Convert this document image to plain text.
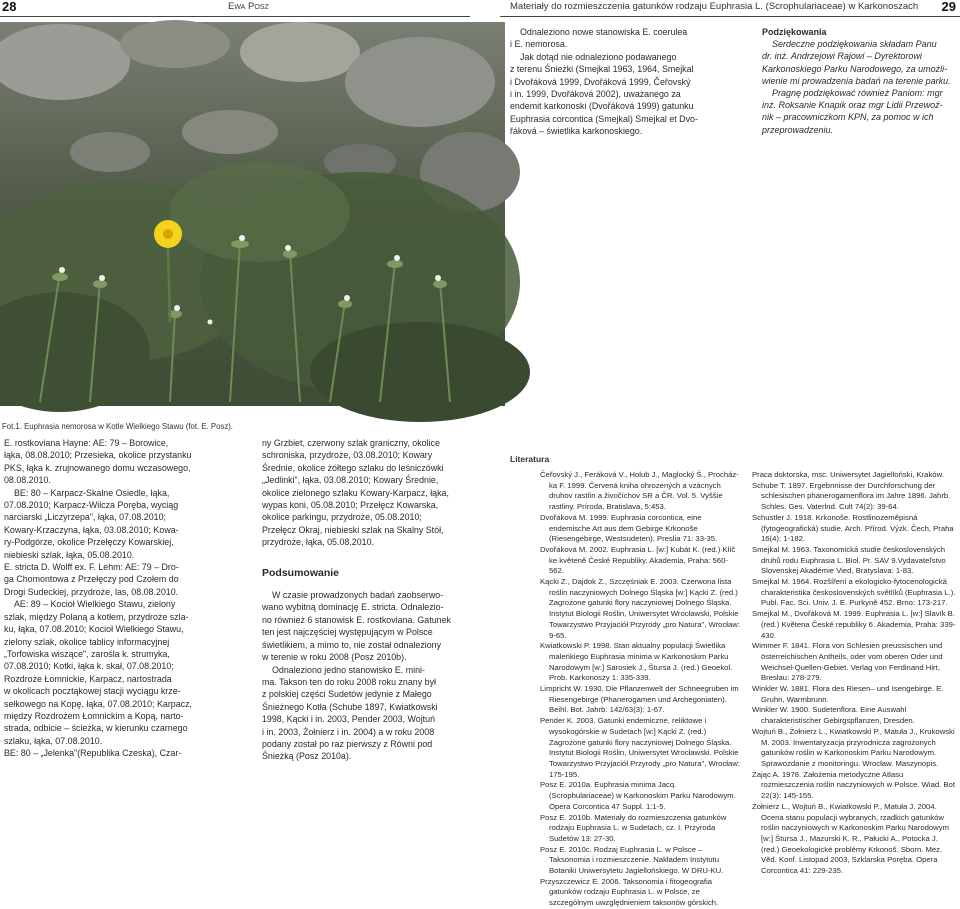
28	Ewa Posz	Materiały do rozmieszczenia gatunków rodzaju Euphrasia L. (Scrophulariaceae) w Karkonoszach 29
Fot.1. Euphrasia nemorosa w Kotle Wielkiego Stawu (fot. E. Posz).

Odnaleziono nowe stanowiska E. coerulea

i E. nemorosa.

Jak dotąd nie odnaleziono podawanego

z terenu Śnieżki (Smejkal 1963, 1964, Smejkal

i Dvořáková 1999, Dvořáková 1999, Čeřovský

i in. 1999, Dvořáková 2002), uważanego za

endemit karkonoski (Dvořáková 1999) gatunku

Euphrasia corcontica (Smejkal) Smejkal et Dvo-

řáková – świetlika karkonoskiego.

Podziękowania

Serdeczne podziękowania składam Panu

dr. inż. Andrzejowi Rajowi – Dyrektorowi

Karkonoskiego Parku Narodowego, za umożli-

wienie mi prowadzenia badań na terenie parku.

Pragnę podziękować również Paniom: mgr

inż. Roksanie Knapik oraz mgr Lidii Przewoź-

nik – pracowniczkom KPN, za pomoc w ich

przeprowadzeniu.

Literatura

E. rostkoviana Hayne: AE: 79 – Borowice,

łąka, 08.08.2010; Przesieka, okolice przystanku

PKS, łąka k. zrujnowanego domu wczasowego,

08.08.2010.

BE: 80 – Karpacz-Skalne Osiedle, łąka,

07.08.2010; Karpacz-Wilcza Poręba, wyciąg

narciarski „Liczyrzepa", łąka, 07.08.2010;

Kowary-Krzaczyna, łąka, 03.08.2010; Kowa-

ry-Podgórze, okolice Przełęczy Kowarskiej,

niebieski szlak, łąka, 05.08.2010.

E. stricta D. Wolff ex. F. Lehm: AE: 79 – Dro-

ga Chomontowa z Przełęczy pod Czołem do

Drogi Sudeckiej, przydroże, las, 08.08.2010.

AE: 89 – Kocioł Wielkiego Stawu, zielony

szlak, między Polaną a kotłem, przydroże szla-

ku, łąka, 07.08.2010; Kocioł Wielkiego Stawu,

zielony szlak, okolice tablicy informacyjnej

„Torfowiska wiszące", zarośla k. strumyka,

07.08.2010; Kotki, łąka k. skał, 07.08.2010;

Rozdroże Łomnickie, Karpacz, nartostrada

w okolicach pocztąkowej stacji wyciągu krze-

sełkowego na Kopę, łąka, 07.08.2010; Karpacz,

między Rozdrożem Łomnickim a Kopą, narto-

strada, odbicie – ścieżka, w kierunku czarnego

szlaku, łąka, 07.08.2010.

BE: 80 – „Jelenka"(Republika Czeska), Czar-

ny Grzbiet, czerwony szlak graniczny, okolice

schroniska, przydroże, 03.08.2010; Kowary

Średnie, okolice żółtego szlaku do leśniczówki

„Jedlinki", łąka, 03.08.2010; Kowary Średnie,

okolice zielonego szlaku Kowary-Karpacz, łąka,

wypas koni, 05.08.2010; Przełęcz Kowarska,

okolice parkingu, przydroże, 05.08.2010;

Przełęcz Okraj, niebieski szlak na Skalny Stół,

przydroże, łąka, 05.08.2010.

Podsumowanie

W czasie prowadzonych badań zaobserwo-

wano wybitną dominację E. stricta. Odnalezio-

no również 6 stanowisk E. rostkoviana. Gatunek

ten jest najczęściej występującym w Polsce

świetlikiem, a mimo to, nie został odnaleziony

w terenie w roku 2008 (Posz 2010b).

Odnaleziono jedno stanowisko E. mini-

ma. Takson ten do roku 2008 roku znany był

z polskiej części Sudetów jedynie z Małego

Śnieżnego Kotła (Schube 1897, Kwiatkowski

1998, Kącki i in. 2003, Pender 2003, Wojtuń

i in. 2003, Żołnierz i in. 2004) a w roku 2008

podany został po raz pierwszy z Równi pod

Śnieżką (Posz 2010a).

Čeřovský J., Feráková V., Holub J., Maglocký Š., Procház-ka F. 1999. Červená kniha ohrozených a vzácnych druhov rastlín a živočíchov SR a ČR. Vol. 5. Vyššie rastliny. Príroda, Bratislava, 5:453.

Dvořáková M. 1999. Euphrasia corcontica, eine endemische Art aus dem Gebirge Krkonoše (Riesengebirge, Westsudeten). Preslia 71: 33-35.

Dvořáková M. 2002. Euphrasia L. [w:] Kubát K. (red.) Klíč ke květeně České Republiky. Akademia, Praha: 560-562.

Kącki Z., Dajdok Z., Szczęśniak E. 2003. Czerwona lista roślin naczyniowych Dolnego Śląska [w:] Kącki Z. (red.) Zagrożone gatunki flory naczyniowej Dolnego Śląska. Instytut Biologii Roślin, Uniwersytet Wrocławski, Polskie Towarzystwo Przyjaciół Przyrody „pro Natura", Wrocław: 9-65.

Kwiatkowski P. 1998. Stan aktualny populacji Świetlika maleńkiego Euphrasia minima w Karkonoskim Parku Narodowym [w:] Sarosiek J., Štursa J. (red.) Geoekol. Prob. Karkonoszy 1: 335-339.

Limpricht W. 1930. Die Pflanzenwelt der Schneegruben im Riesengebirge (Phanerogamen und Archegoniaten). Beihl. Bot. Jahrb. 142/63(3): 1-67.

Pender K. 2003. Gatunki endemiczne, reliktowe i wysokogórskie w Sudetach [w:] Kącki Z. (red.) Zagrożone gatunki flory naczyniowej Dolnego Śląska. Instytut Biologii Roślin, Uniwersytet Wrocławski. Polskie Towarzystwo Przyjaciół Przyrody „pro Natura", Wrocław: 175-195.

Posz E. 2010a. Euphrasia minima Jacq. (Scrophulariaceae) w Karkonoskim Parku Narodowym. Opera Corcontica 47 Suppl. 1:1-5.

Posz E. 2010b. Materiały do rozmieszczenia gatunków rodzaju Euphrasia L. w Sudetach, cz. I. Przyroda Sudetów 13: 27-30.

Posz E. 2010c. Rodzaj Euphrasia L. w Polsce – Taksonomia i rozmieszczenie. Nakładem Instytutu Botaniki Uniwersytetu Jagiellońskiego. W DRU-KU.

Przyszczewicz E. 2006. Taksonomia i fitogeografia gatunków rodzaju Euphrasia L. w Polsce, ze szczególnym uwzględnieniem taksonów górskich.

Praca doktorska, msc. Uniwersytet Jagielloński, Kraków.

Schube T. 1897. Ergebnnisse der Durchforschung der schlesischen phanerogamenflora im Jahre 1896. Jahrb. Schles. Ges. Vaterlnd. Cult 74(2): 39-64.

Schustler J. 1918. Krkonoše. Rostlinozeměpisná (fytogeografická) studie. Arch. Přírod. Výzk. Čech, Praha 16(4): 1-182.

Smejkal M. 1963. Taxonomická studie československých druhů rodu Euphrasia L. Biol. Pr. SAV 9.Vydavateľstvo Slovenskej Akadémie Vied, Bratyslava: 1-83.

Smejkal M. 1964. Rozšíření a ekologicko-fytocenologická charakteristika československých světlíků (Euphrasia L.). Publ. Fac. Sci. Univ. J. E. Purkyně 452. Brno: 173-217.

Smejkal M., Dvořáková M. 1999. Euphrasia L. [w:] Slavík B.(red.) Květena České republiky 6. Akademia, Praha: 339-430.

Wimmer F. 1841. Flora von Schlesien preussischen und österreichischen Antheils, oder vom oberen Oder und Weichsel-Quellen-Gebiet. Verlag von Ferdinand Hirt, Breslau: 278-279.

Winkler W. 1881. Flora des Riesen– und Isengebirge. E. Gruhn, Warmbrunn.

Winkler W. 1900. Sudetenflora. Eine Auswahl charakteristischer Gebirgspflanzen, Dresden.

Wojtuń B., Żołnierz L., Kwiatkowski P., Matuła J., Krukowski M. 2003. Inwentaryzacja przyrodnicza zagrożonych gatunków roślin w Karkonoskim Parku Narodowym. Sprawozdanie z monitoringu. Wrocław. Maszynopis.

Zając A. 1978. Założenia metodyczne Atlasu rozmieszczenia roślin naczyniowych w Polsce. Wiad. Bot 22(3): 145-155.

Żołnierz L., Wojtuń B., Kwiatkowski P., Matuła J. 2004. Ocena stanu populacji wybranych, rzadkich gatunków roślin naczyniowych w Karkonoskim Parku Narodowym [w:] Štursa J., Mazurski K. R., Pałucki A., Potocka J. (red.) Geoekologické problémy Krkonoš. Sborn. Mez. Věd. Konf. Listopad 2003, Szklarska Poręba. Opera Corcontica 41: 229-235.
